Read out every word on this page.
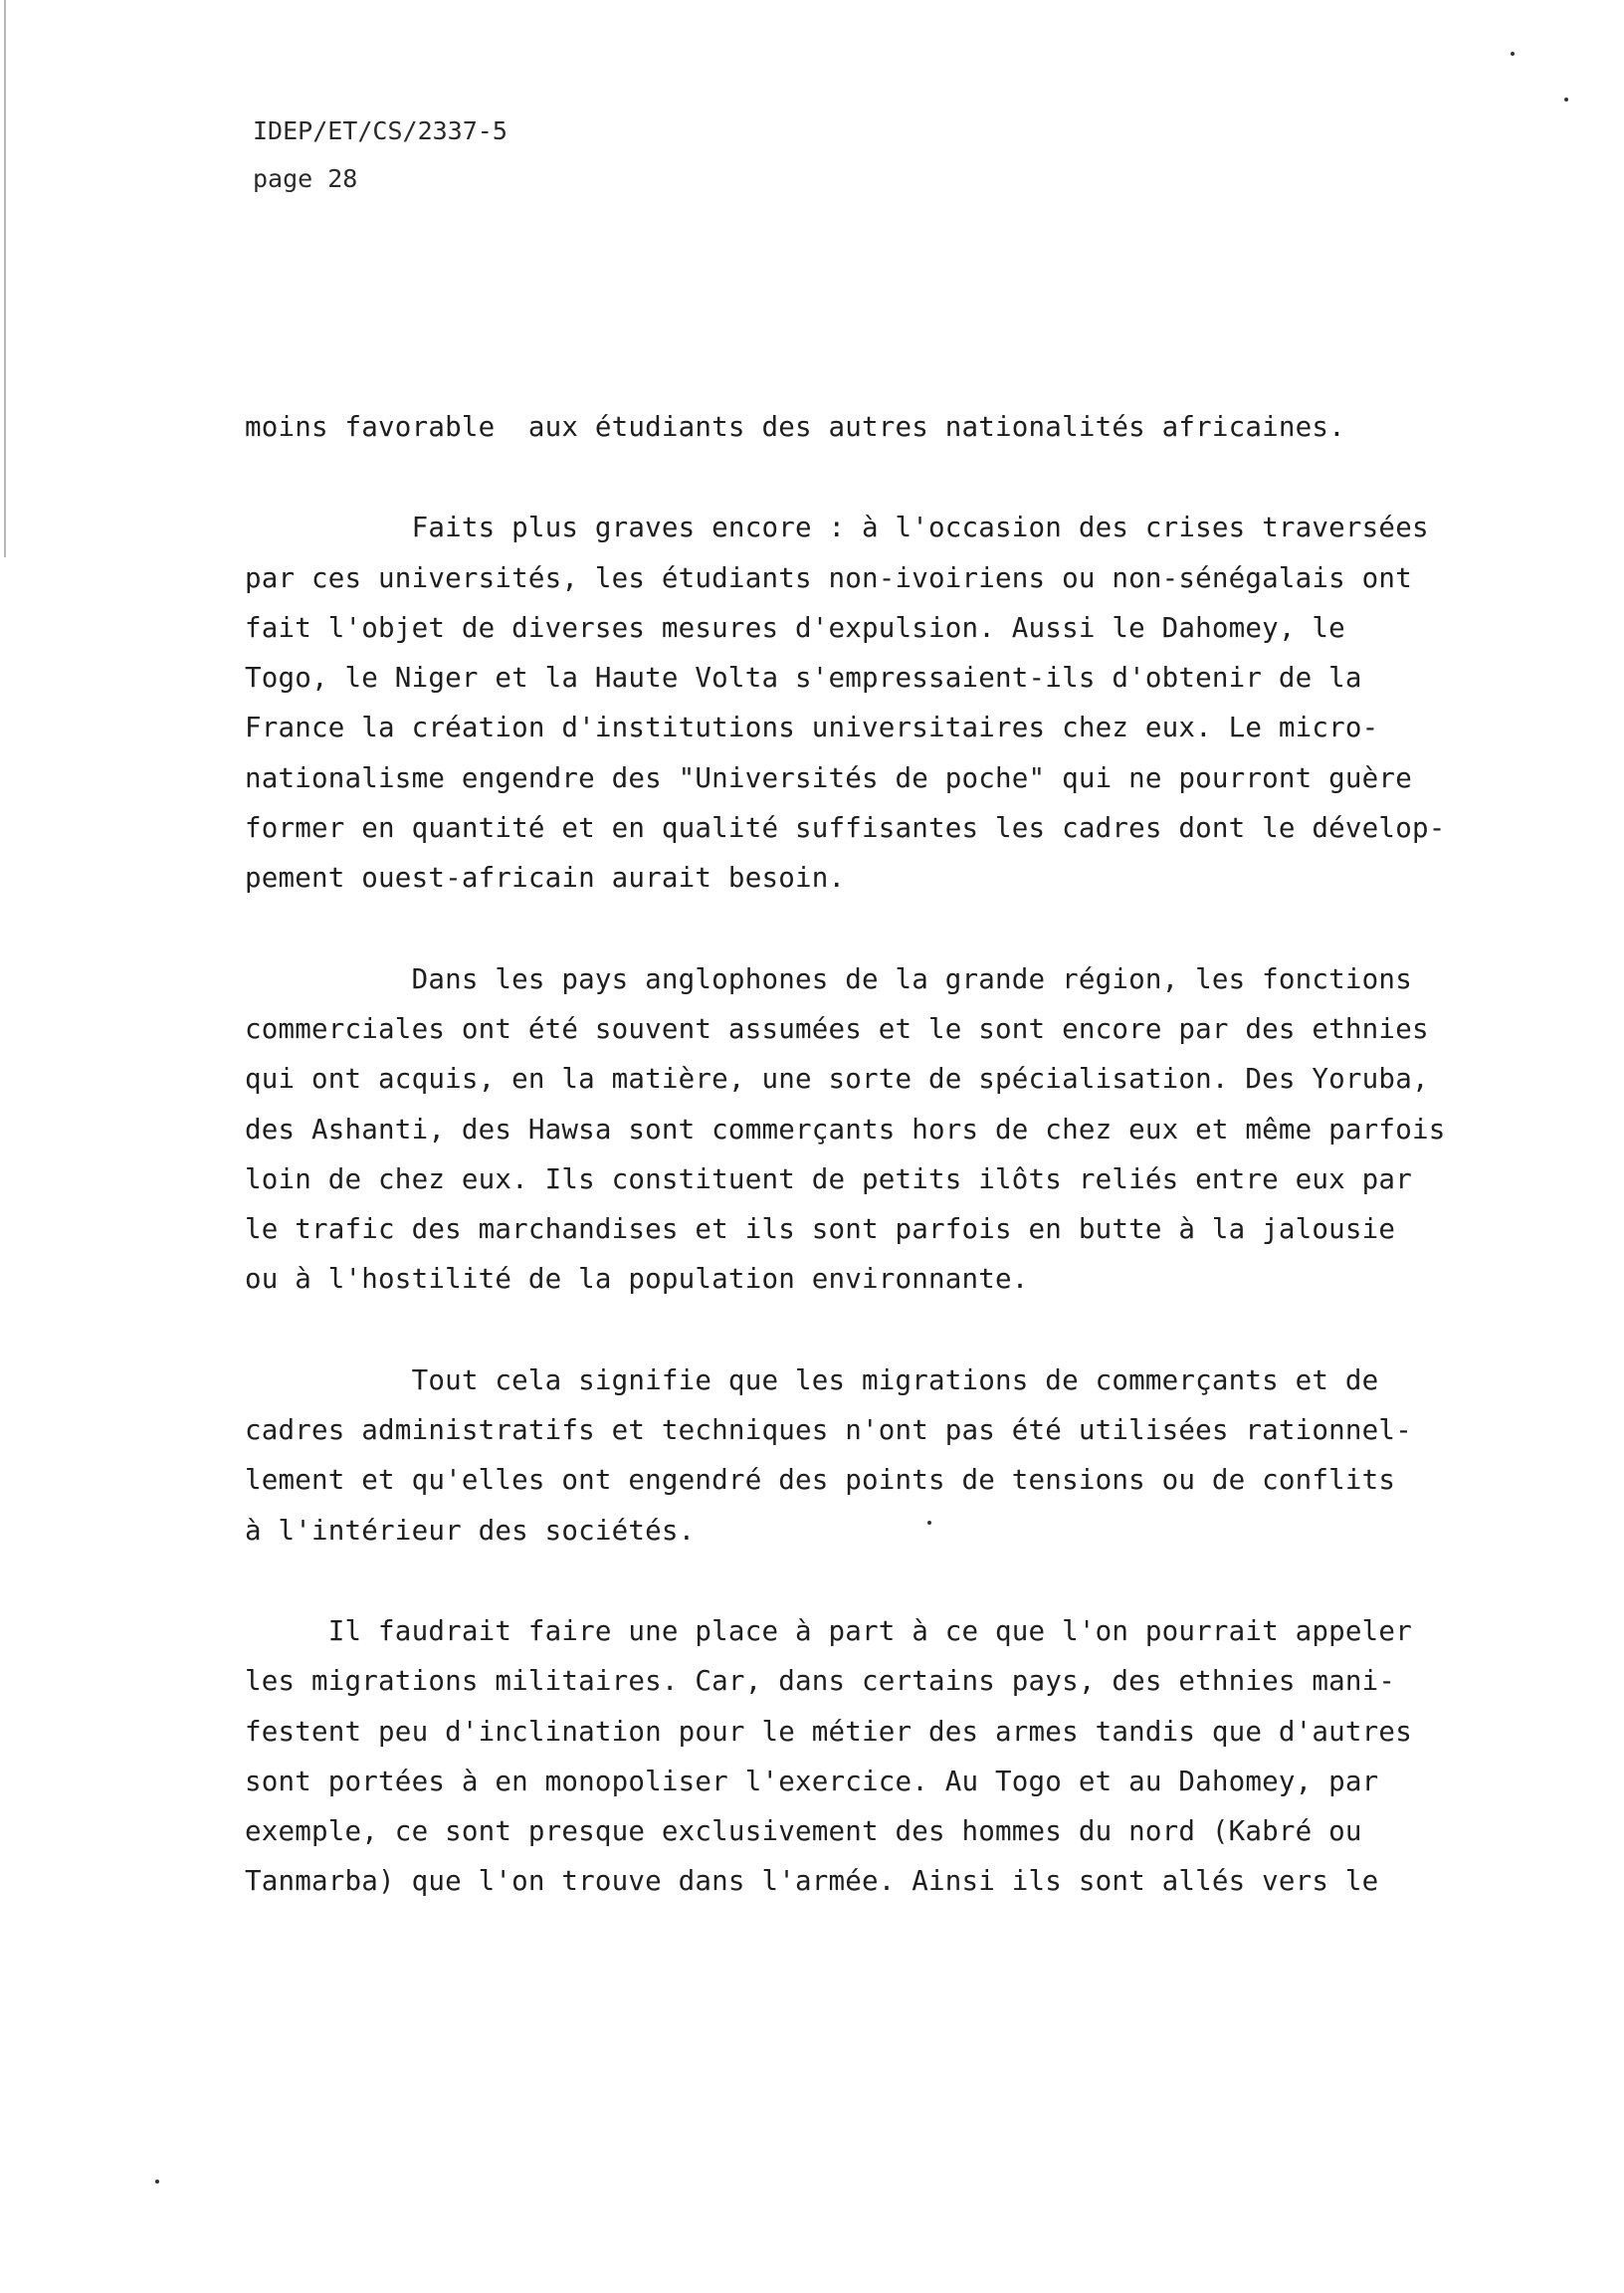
IDEP/ET/CS/2337-5
page 28
moins favorable  aux étudiants des autres nationalités africaines.
Faits plus graves encore : à l'occasion des crises traversées
par ces universités, les étudiants non-ivoiriens ou non-sénégalais ont
fait l'objet de diverses mesures d'expulsion. Aussi le Dahomey, le
Togo, le Niger et la Haute Volta s'empressaient-ils d'obtenir de la
France la création d'institutions universitaires chez eux. Le micro-
nationalisme engendre des "Universités de poche" qui ne pourront guère
former en quantité et en qualité suffisantes les cadres dont le dévelop-
pement ouest-africain aurait besoin.
Dans les pays anglophones de la grande région, les fonctions
commerciales ont été souvent assumées et le sont encore par des ethnies
qui ont acquis, en la matière, une sorte de spécialisation. Des Yoruba,
des Ashanti, des Hawsa sont commerçants hors de chez eux et même parfois
loin de chez eux. Ils constituent de petits ilôts reliés entre eux par
le trafic des marchandises et ils sont parfois en butte à la jalousie
ou à l'hostilité de la population environnante.
Tout cela signifie que les migrations de commerçants et de
cadres administratifs et techniques n'ont pas été utilisées rationnel-
lement et qu'elles ont engendré des points de tensions ou de conflits
à l'intérieur des sociétés.
Il faudrait faire une place à part à ce que l'on pourrait appeler
les migrations militaires. Car, dans certains pays, des ethnies mani-
festent peu d'inclination pour le métier des armes tandis que d'autres
sont portées à en monopoliser l'exercice. Au Togo et au Dahomey, par
exemple, ce sont presque exclusivement des hommes du nord (Kabré ou
Tanmarba) que l'on trouve dans l'armée. Ainsi ils sont allés vers le
